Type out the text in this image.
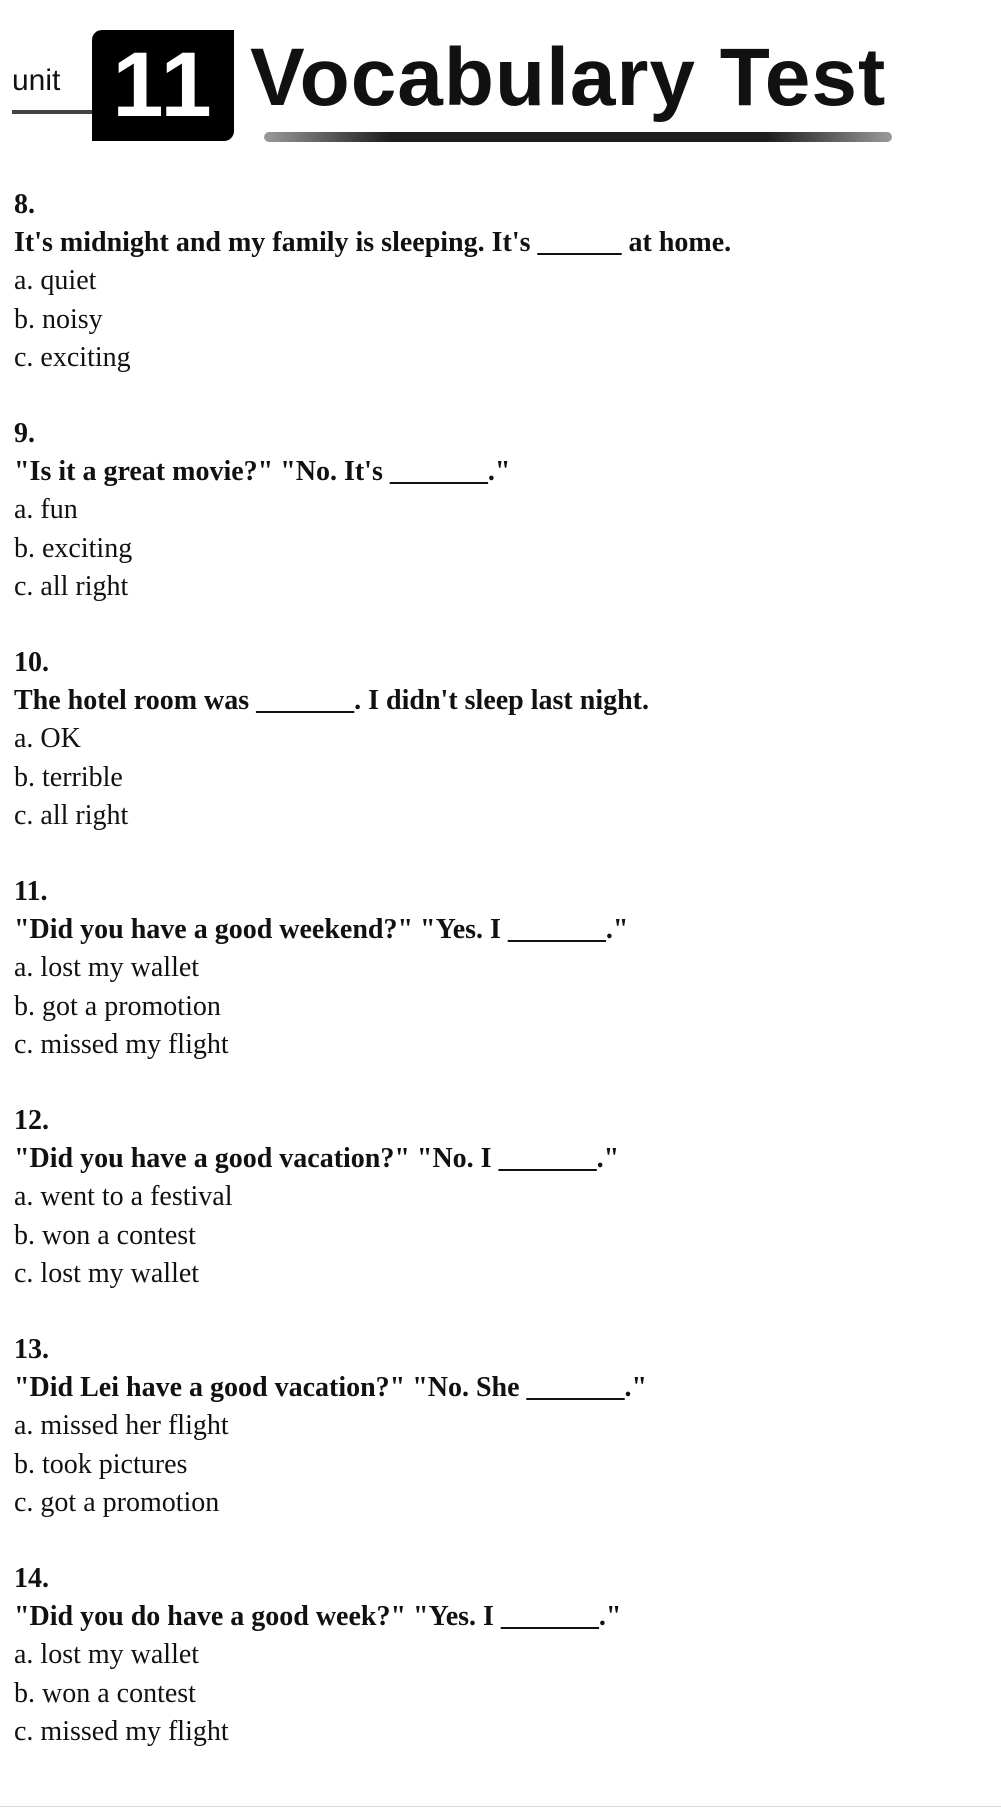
unit 11 Vocabulary Test
8.
It's midnight and my family is sleeping. It's ______ at home.
a. quiet
b. noisy
c. exciting
9.
"Is it a great movie?" "No. It's _______."
a. fun
b. exciting
c. all right
10.
The hotel room was _______. I didn't sleep last night.
a. OK
b. terrible
c. all right
11.
"Did you have a good weekend?" "Yes. I _______."
a. lost my wallet
b. got a promotion
c. missed my flight
12.
"Did you have a good vacation?" "No. I _______."
a. went to a festival
b. won a contest
c. lost my wallet
13.
"Did Lei have a good vacation?" "No. She _______."
a. missed her flight
b. took pictures
c. got a promotion
14.
"Did you do have a good week?" "Yes. I _______."
a. lost my wallet
b. won a contest
c. missed my flight
